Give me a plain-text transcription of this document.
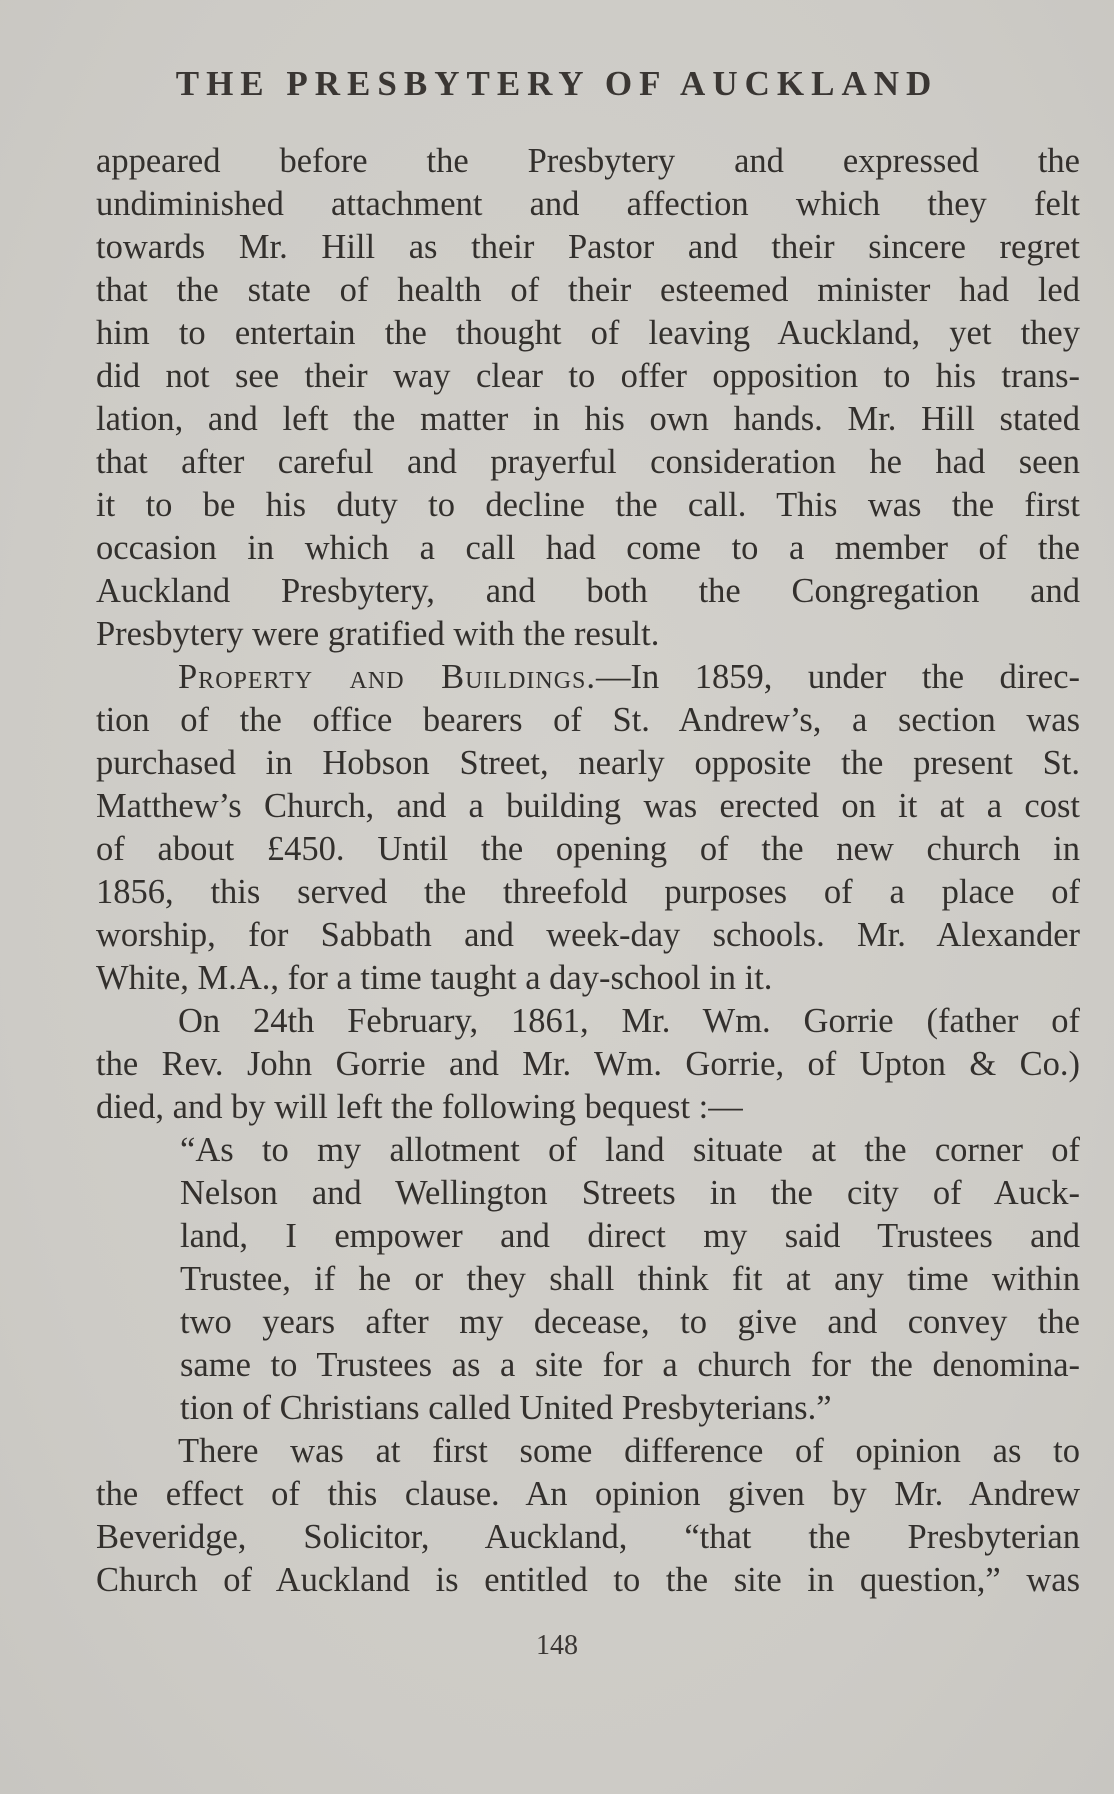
THE PRESBYTERY OF AUCKLAND
appeared before the Presbytery and expressed the
undiminished attachment and affection which they felt
towards Mr. Hill as their Pastor and their sincere regret
that the state of health of their esteemed minister had led
him to entertain the thought of leaving Auckland, yet they
did not see their way clear to offer opposition to his trans-
lation, and left the matter in his own hands. Mr. Hill stated
that after careful and prayerful consideration he had seen
it to be his duty to decline the call. This was the first
occasion in which a call had come to a member of the
Auckland Presbytery, and both the Congregation and
Presbytery were gratified with the result.
Property and Buildings.—In 1859, under the direc-
tion of the office bearers of St. Andrew’s, a section was
purchased in Hobson Street, nearly opposite the present St.
Matthew’s Church, and a building was erected on it at a cost
of about £450. Until the opening of the new church in
1856, this served the threefold purposes of a place of
worship, for Sabbath and week-day schools. Mr. Alexander
White, M.A., for a time taught a day-school in it.
On 24th February, 1861, Mr. Wm. Gorrie (father of
the Rev. John Gorrie and Mr. Wm. Gorrie, of Upton & Co.)
died, and by will left the following bequest :—
“As to my allotment of land situate at the corner of
Nelson and Wellington Streets in the city of Auck-
land, I empower and direct my said Trustees and
Trustee, if he or they shall think fit at any time within
two years after my decease, to give and convey the
same to Trustees as a site for a church for the denomina-
tion of Christians called United Presbyterians.”
There was at first some difference of opinion as to
the effect of this clause. An opinion given by Mr. Andrew
Beveridge, Solicitor, Auckland, “that the Presbyterian
Church of Auckland is entitled to the site in question,” was
148
